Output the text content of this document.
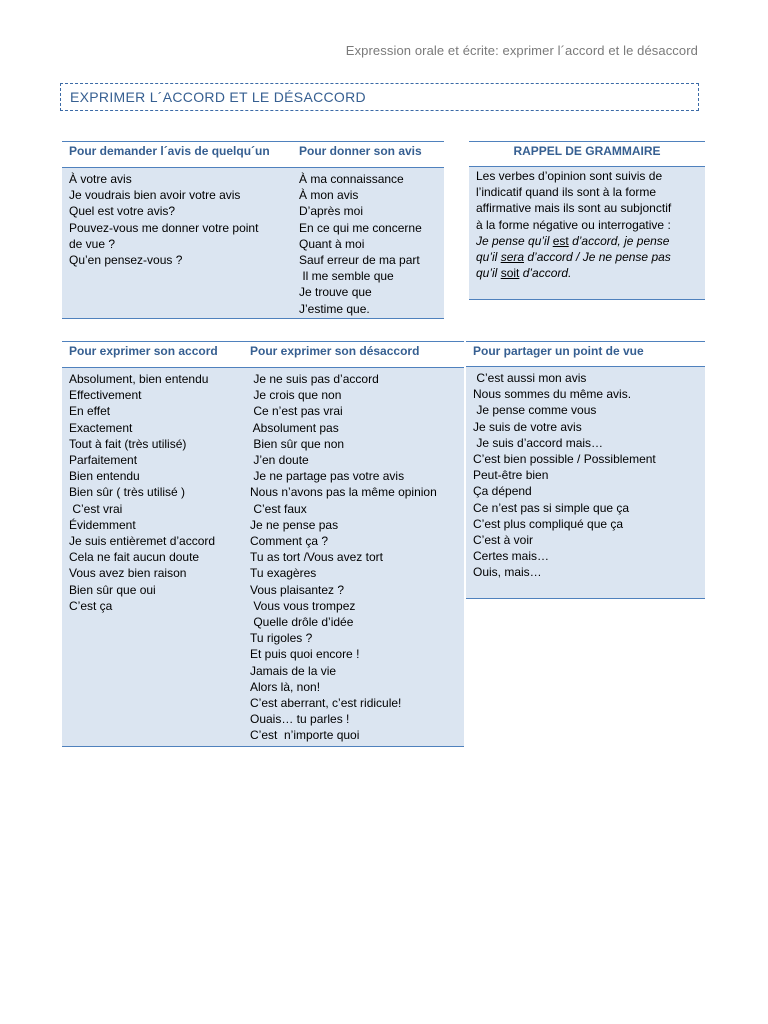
Expression orale et écrite: exprimer l´accord et le désaccord
EXPRIMER L´ACCORD ET LE DÉSACCORD
Pour demander l´avis de quelqu´un Pour donner son avis
À votre avis
Je voudrais bien avoir votre avis
Quel est votre avis?
Pouvez-vous me donner votre point
de vue ?
Qu’en pensez-vous ?
À ma connaissance
À mon avis
D’après moi
En ce qui me concerne
Quant à moi
Sauf erreur de ma part
Il me semble que
Je trouve que
J’estime que.
RAPPEL DE GRAMMAIRE
Les verbes d’opinion sont suivis de
l’indicatif quand ils sont à la forme
affirmative mais ils sont au subjonctif
à la forme négative ou interrogative :
Je pense qu’il est d’accord, je pense
qu’il sera d’accord / Je ne pense pas
qu’il soit d’accord.
Pour exprimer son accord	Pour exprimer son désaccord
Absolument, bien entendu
Effectivement
En effet
Exactement
Tout à fait (très utilisé)
Parfaitement
Bien entendu
Bien sûr ( très utilisé )
C’est vrai
Évidemment
Je suis entièremet d’accord
Cela ne fait aucun doute
Vous avez bien raison
Bien sûr que oui
C’est ça
Je ne suis pas d’accord
Je crois que non
Ce n’est pas vrai
Absolument pas
Bien sûr que non
J’en doute
Je ne partage pas votre avis
Nous n’avons pas la même opinion
C’est faux
Je ne pense pas
Comment ça ?
Tu as tort /Vous avez tort
Tu exagères
Vous plaisantez ?
Vous vous trompez
Quelle drôle d’idée
Tu rigoles ?
Et puis quoi encore !
Jamais de la vie
Alors là, non!
C’est aberrant, c’est ridicule!
Ouais… tu parles !
C’est  n’importe quoi
Pour partager un point de vue
C’est aussi mon avis
Nous sommes du même avis.
Je pense comme vous
Je suis de votre avis
Je suis d’accord mais…
C’est bien possible / Possiblement
Peut-être bien
Ça dépend
Ce n’est pas si simple que ça
C’est plus compliqué que ça
C’est à voir
Certes mais…
Ouis, mais…
